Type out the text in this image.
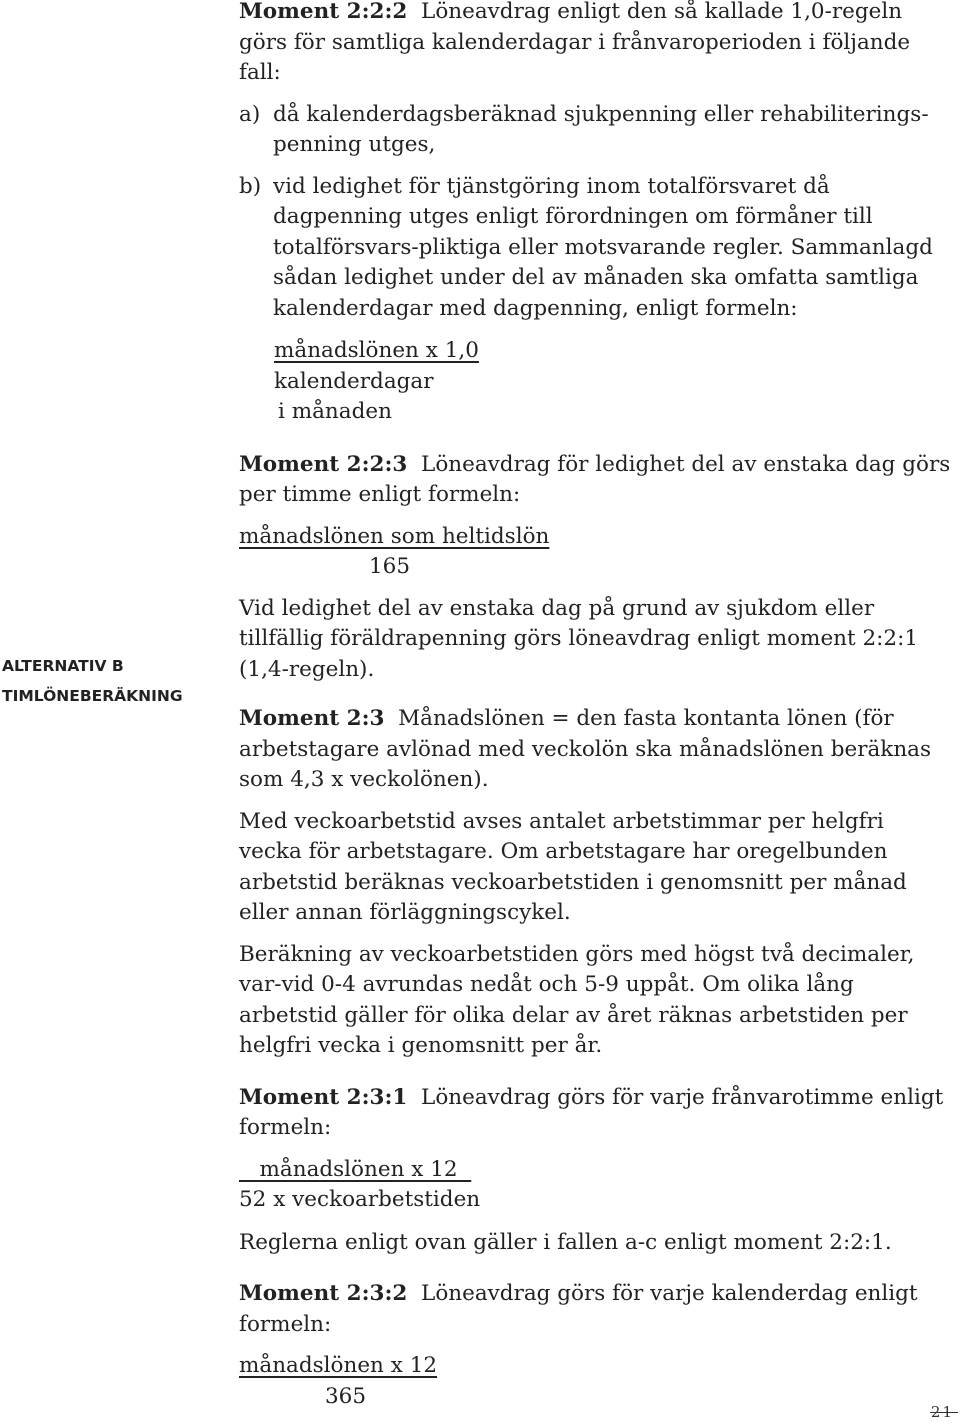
Moment 2:2:2 Löneavdrag enligt den så kallade 1,0-regeln görs för samtliga kalenderdagar i frånvaroperioden i följande fall:

a) då kalenderdagsberäknad sjukpenning eller rehabiliterings-penning utges,

b) vid ledighet för tjänstgöring inom totalförsvaret då dagpenning utges enligt förordningen om förmåner till totalförsvars-pliktiga eller motsvarande regler. Sammanlagd sådan ledighet under del av månaden ska omfatta samtliga kalenderdagar med dagpenning, enligt formeln:

månadslönen x 1,0
kalenderdagar
i månaden

Moment 2:2:3 Löneavdrag för ledighet del av enstaka dag görs per timme enligt formeln:

månadslönen som heltidslön
165

Vid ledighet del av enstaka dag på grund av sjukdom eller tillfällig föräldrapenning görs löneavdrag enligt moment 2:2:1 (1,4-regeln).

Moment 2:3 Månadslönen = den fasta kontanta lönen (för arbetstagare avlönad med veckolön ska månadslönen beräknas som 4,3 x veckolönen).

Med veckoarbetstid avses antalet arbetstimmar per helgfri vecka för arbetstagare. Om arbetstagare har oregelbunden arbetstid beräknas veckoarbetstiden i genomsnitt per månad eller annan förläggningscykel.

Beräkning av veckoarbetstiden görs med högst två decimaler, var-vid 0-4 avrundas nedåt och 5-9 uppåt. Om olika lång arbetstid gäller för olika delar av året räknas arbetstiden per helgfri vecka i genomsnitt per år.

Moment 2:3:1 Löneavdrag görs för varje frånvarotimme enligt formeln:

månadslönen x 12
52 x veckoarbetstiden

Reglerna enligt ovan gäller i fallen a-c enligt moment 2:2:1.

Moment 2:3:2 Löneavdrag görs för varje kalenderdag enligt formeln:

månadslönen x 12
365
ALTERNATIV B
TIMLÖNEBERÄKNING
21
